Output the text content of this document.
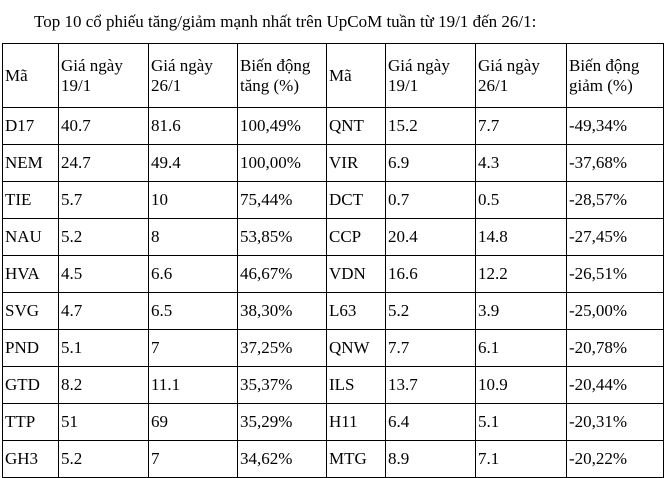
Top 10 cổ phiếu tăng/giảm mạnh nhất trên UpCoM tuần từ 19/1 đến 26/1:
Mã	Giá ngày 19/1	Giá ngày 26/1	Biến động tăng (%)	Mã	Giá ngày 19/1	Giá ngày 26/1	Biến động giảm (%)
D17	40.7	81.6	100,49%	QNT	15.2	7.7	-49,34%
NEM	24.7	49.4	100,00%	VIR	6.9	4.3	-37,68%
TIE	5.7	10	75,44%	DCT	0.7	0.5	-28,57%
NAU	5.2	8	53,85%	CCP	20.4	14.8	-27,45%
HVA	4.5	6.6	46,67%	VDN	16.6	12.2	-26,51%
SVG	4.7	6.5	38,30%	L63	5.2	3.9	-25,00%
PND	5.1	7	37,25%	QNW	7.7	6.1	-20,78%
GTD	8.2	11.1	35,37%	ILS	13.7	10.9	-20,44%
TTP	51	69	35,29%	H11	6.4	5.1	-20,31%
GH3	5.2	7	34,62%	MTG	8.9	7.1	-20,22%
